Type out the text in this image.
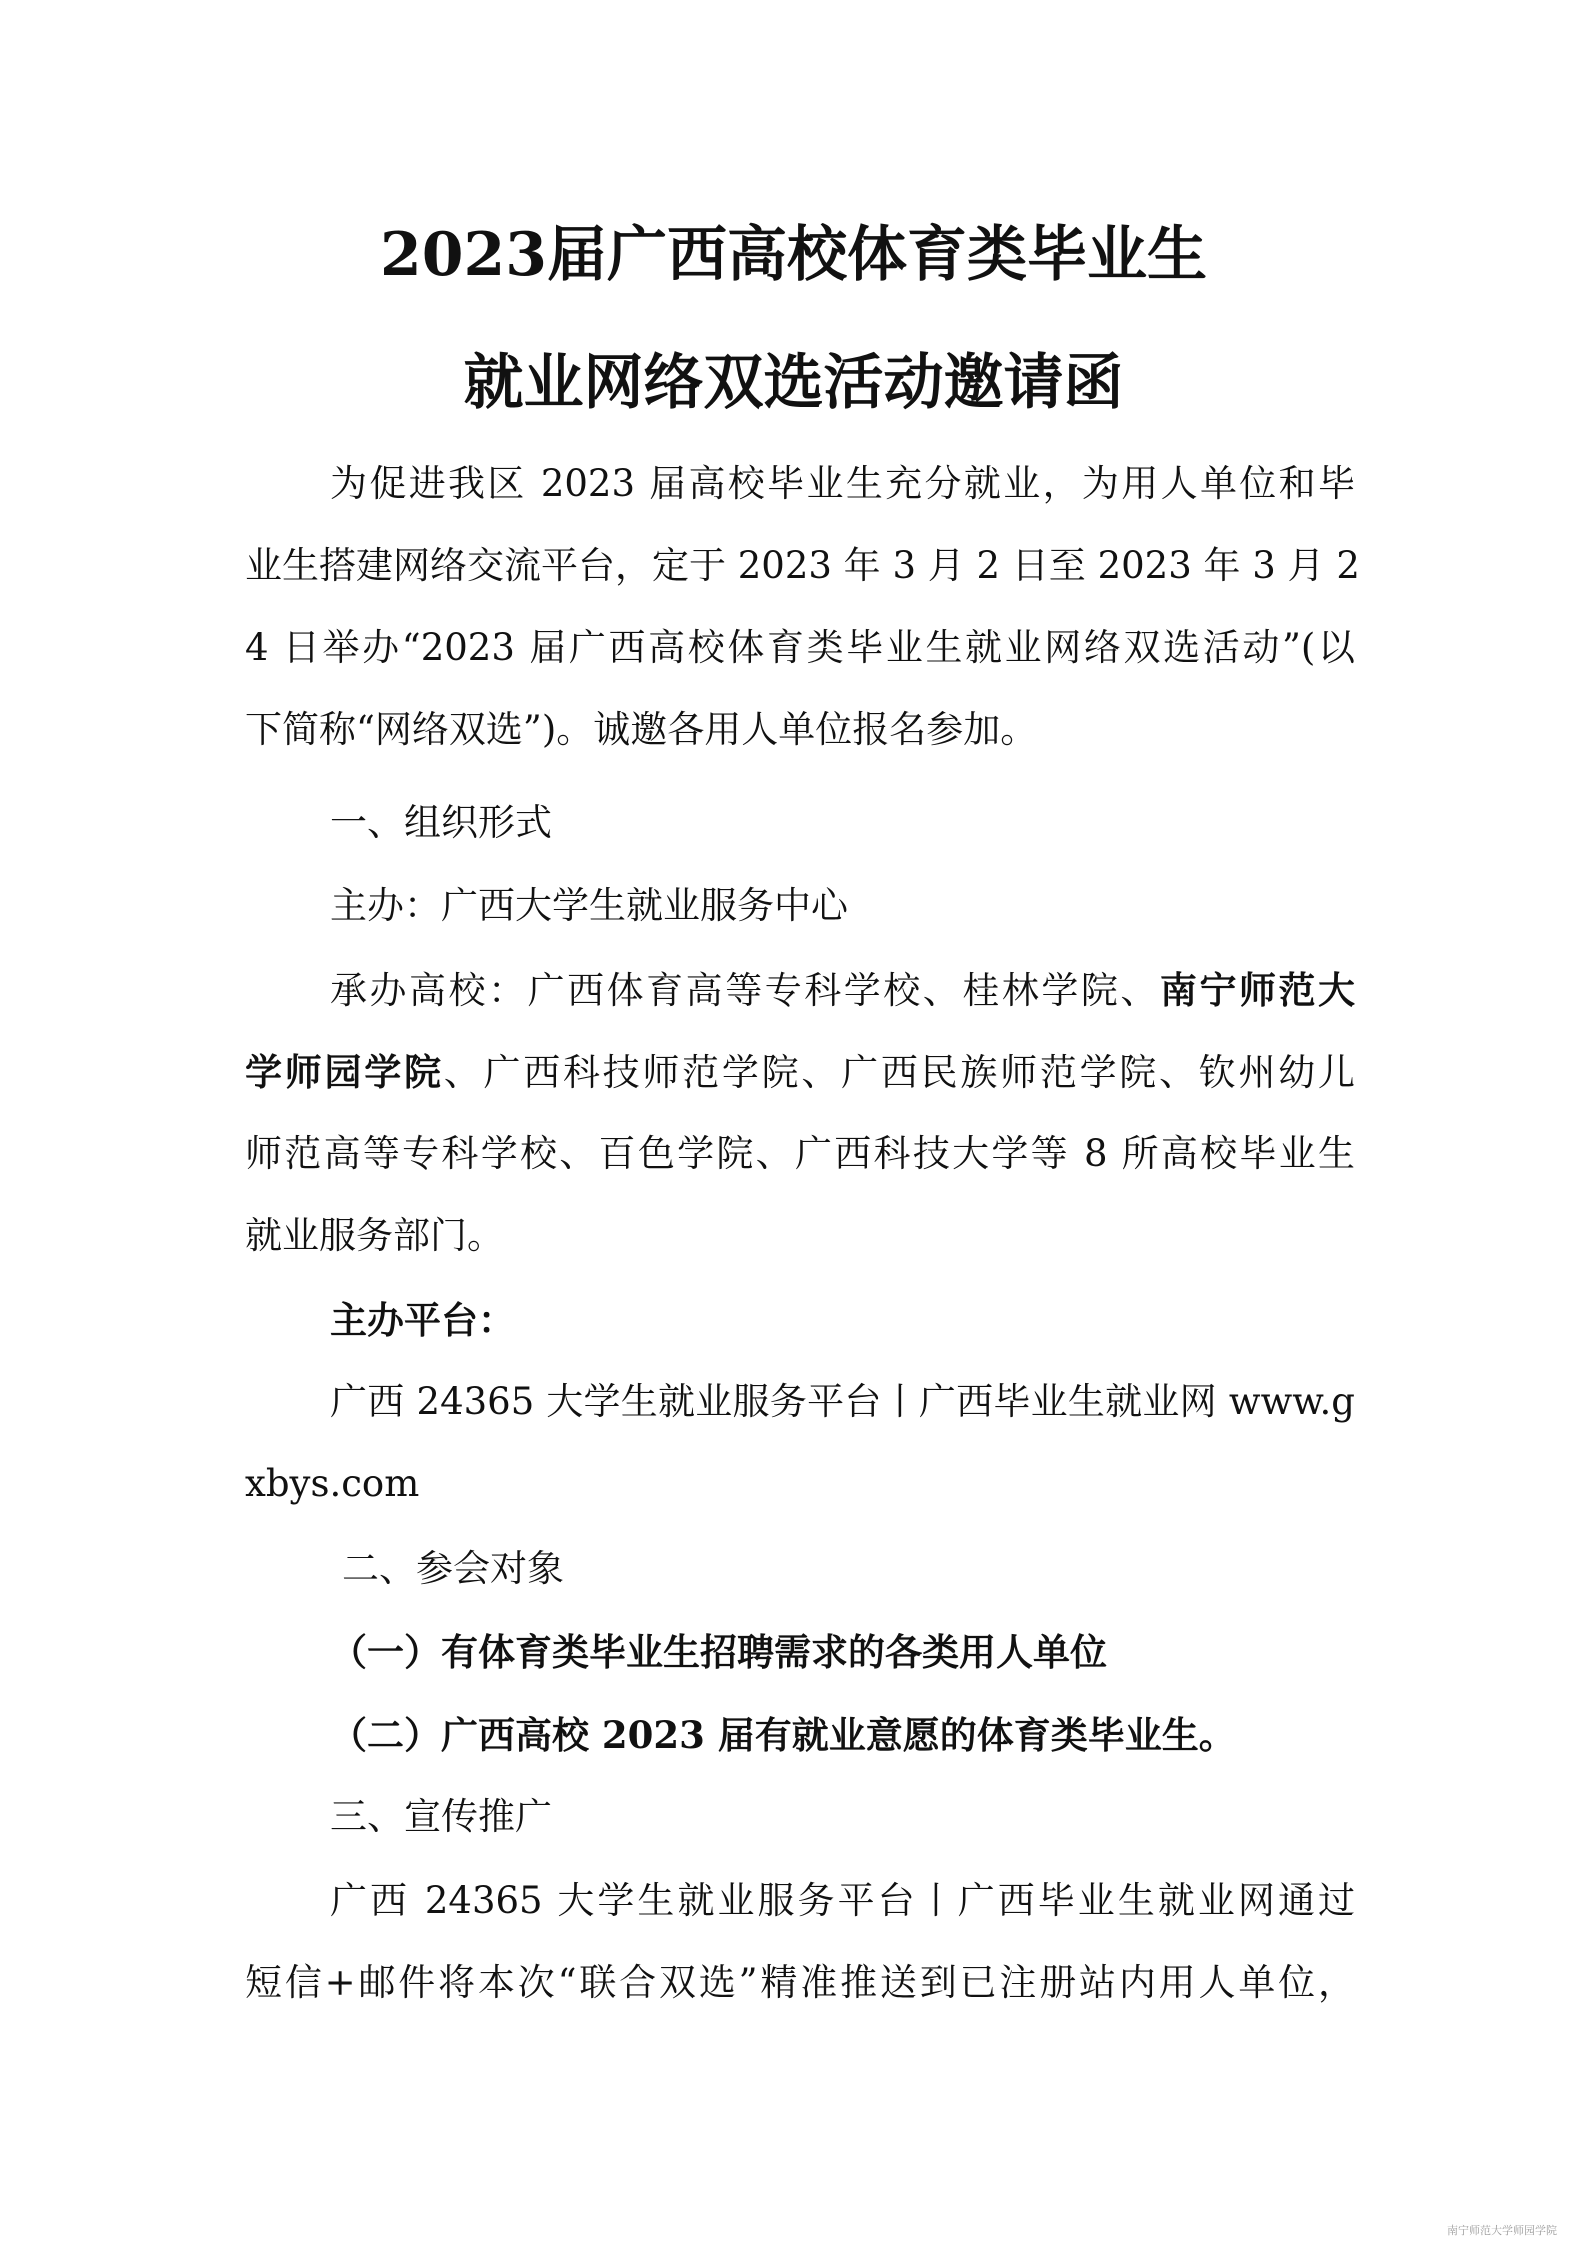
2023届广西高校体育类毕业生
就业网络双选活动邀请函
为促进我区 2023 届高校毕业生充分就业，为用人单位和毕
业生搭建网络交流平台，定于 2023 年 3 月 2 日至 2023 年 3 月 2
4 日举办“2023 届广西高校体育类毕业生就业网络双选活动”(以
下简称“网络双选”)。诚邀各用人单位报名参加。
一、组织形式
主办：广西大学生就业服务中心
承办高校：广西体育高等专科学校、桂林学院、南宁师范大
学师园学院、广西科技师范学院、广西民族师范学院、钦州幼儿
师范高等专科学校、百色学院、广西科技大学等 8 所高校毕业生
就业服务部门。
主办平台：
广西 24365 大学生就业服务平台丨广西毕业生就业网 www.g
xbys.com
二、参会对象
（一）有体育类毕业生招聘需求的各类用人单位
（二）广西高校 2023 届有就业意愿的体育类毕业生。
三、宣传推广
广西 24365 大学生就业服务平台丨广西毕业生就业网通过
短信+邮件将本次“联合双选”精准推送到已注册站内用人单位，
南宁师范大学师园学院
